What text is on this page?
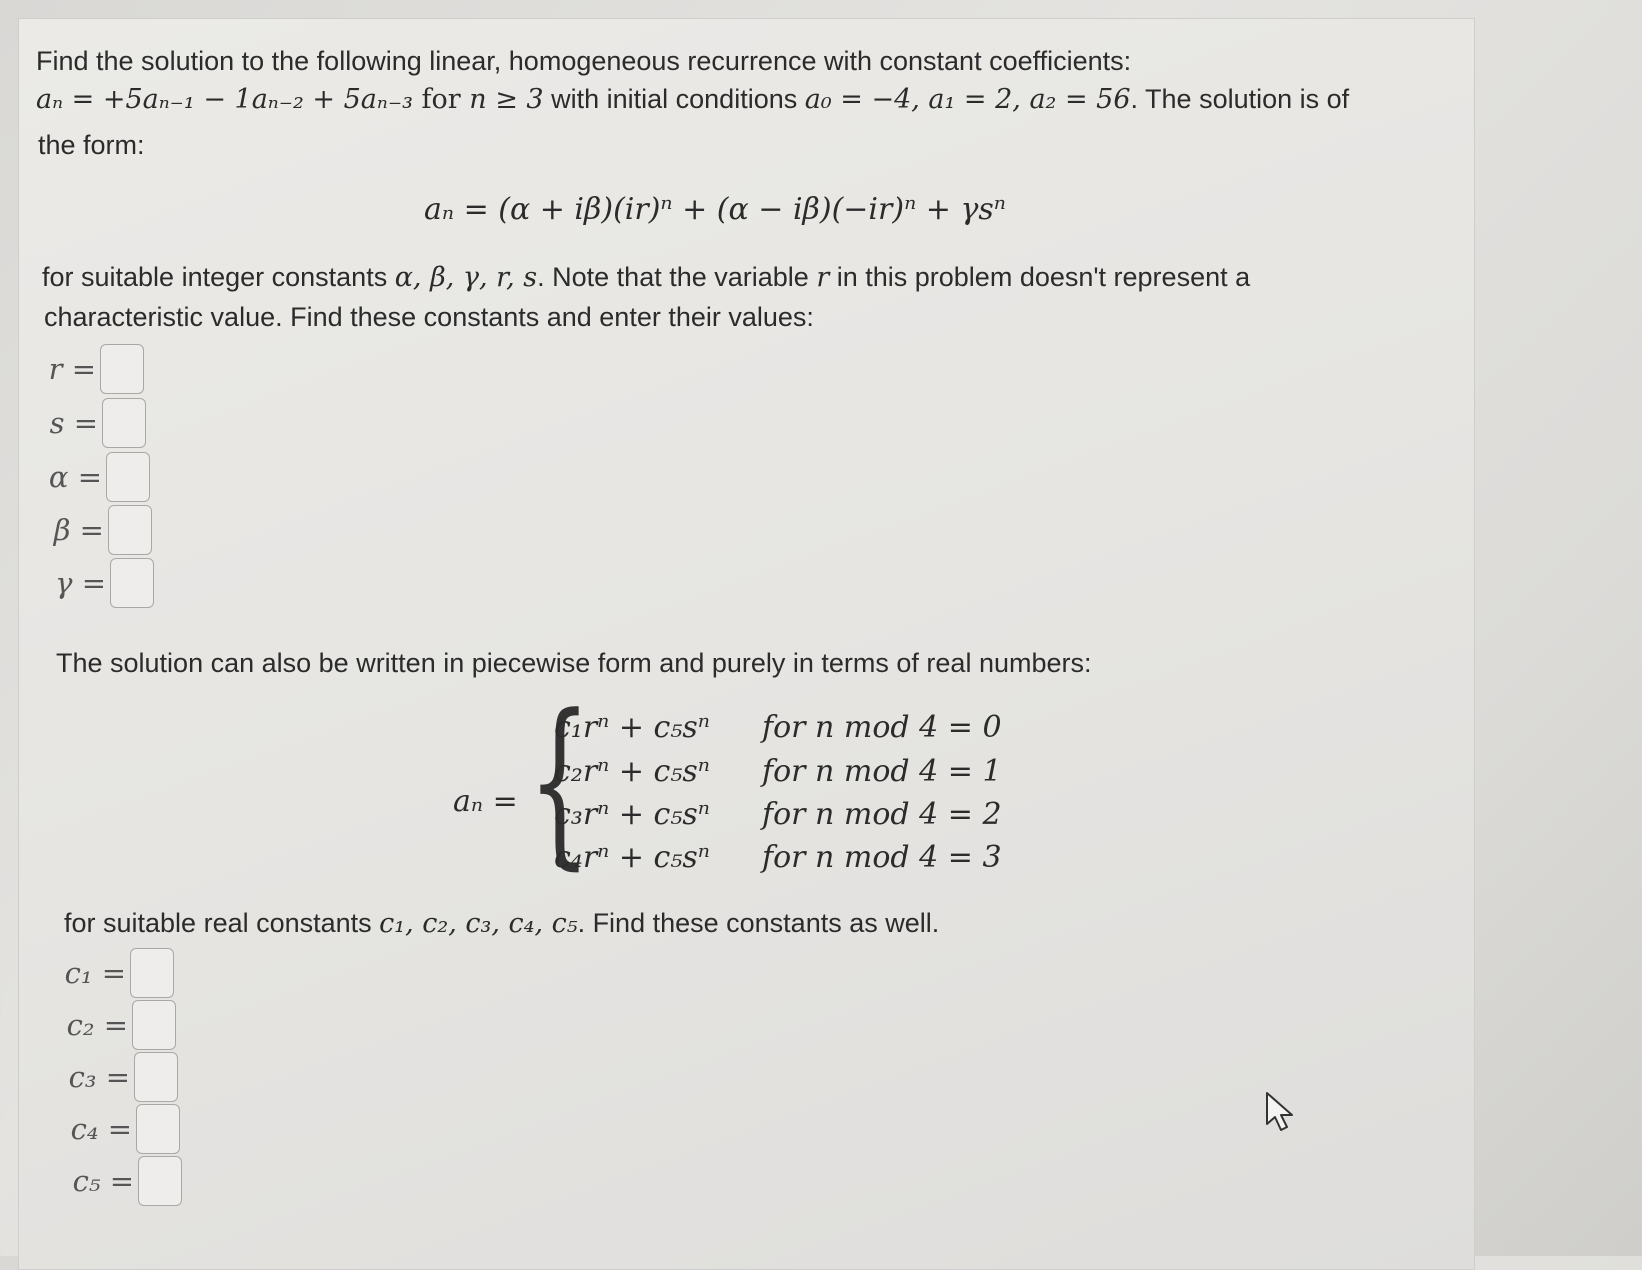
Find the solution to the following linear, homogeneous recurrence with constant coefficients:
aₙ = +5aₙ₋₁ − 1aₙ₋₂ + 5aₙ₋₃ for n ≥ 3 with initial conditions a₀ = −4, a₁ = 2, a₂ = 56. The solution is of
the form:
aₙ = (α + iβ)(ir)ⁿ + (α − iβ)(−ir)ⁿ + γsⁿ
for suitable integer constants α, β, γ, r, s. Note that the variable r in this problem doesn't represent a
characteristic value. Find these constants and enter their values:
r =
s =
α =
β =
γ =
The solution can also be written in piecewise form and purely in terms of real numbers:
aₙ = {
c₁rⁿ + c₅sⁿ for n mod 4 = 0
c₂rⁿ + c₅sⁿ for n mod 4 = 1
c₃rⁿ + c₅sⁿ for n mod 4 = 2
c₄rⁿ + c₅sⁿ for n mod 4 = 3
for suitable real constants c₁, c₂, c₃, c₄, c₅. Find these constants as well.
c₁ =
c₂ =
c₃ =
c₄ =
c₅ =
